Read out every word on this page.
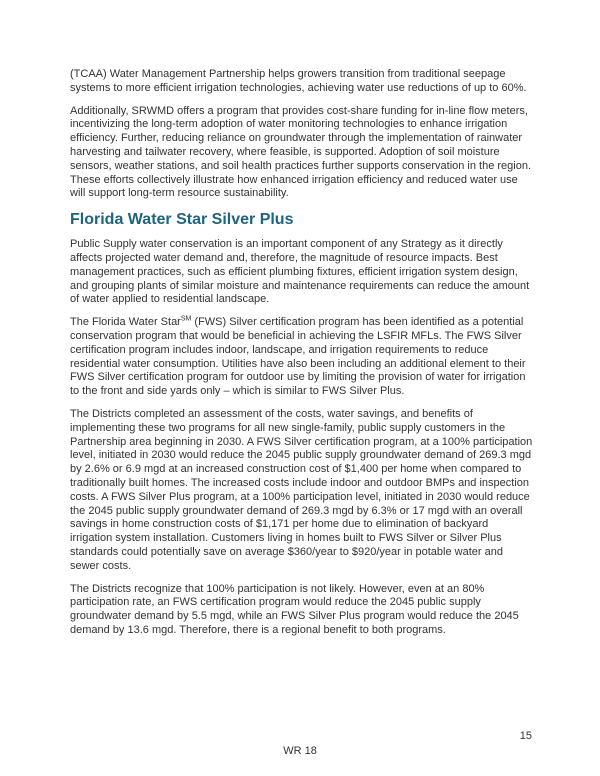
(TCAA) Water Management Partnership helps growers transition from traditional seepage systems to more efficient irrigation technologies, achieving water use reductions of up to 60%.

Additionally, SRWMD offers a program that provides cost-share funding for in-line flow meters, incentivizing the long-term adoption of water monitoring technologies to enhance irrigation efficiency. Further, reducing reliance on groundwater through the implementation of rainwater harvesting and tailwater recovery, where feasible, is supported. Adoption of soil moisture sensors, weather stations, and soil health practices further supports conservation in the region. These efforts collectively illustrate how enhanced irrigation efficiency and reduced water use will support long-term resource sustainability.

Florida Water Star Silver Plus

Public Supply water conservation is an important component of any Strategy as it directly affects projected water demand and, therefore, the magnitude of resource impacts. Best management practices, such as efficient plumbing fixtures, efficient irrigation system design, and grouping plants of similar moisture and maintenance requirements can reduce the amount of water applied to residential landscape.

The Florida Water Star℠ (FWS) Silver certification program has been identified as a potential conservation program that would be beneficial in achieving the LSFIR MFLs. The FWS Silver certification program includes indoor, landscape, and irrigation requirements to reduce residential water consumption. Utilities have also been including an additional element to their FWS Silver certification program for outdoor use by limiting the provision of water for irrigation to the front and side yards only – which is similar to FWS Silver Plus.

The Districts completed an assessment of the costs, water savings, and benefits of implementing these two programs for all new single-family, public supply customers in the Partnership area beginning in 2030. A FWS Silver certification program, at a 100% participation level, initiated in 2030 would reduce the 2045 public supply groundwater demand of 269.3 mgd by 2.6% or 6.9 mgd at an increased construction cost of $1,400 per home when compared to traditionally built homes. The increased costs include indoor and outdoor BMPs and inspection costs. A FWS Silver Plus program, at a 100% participation level, initiated in 2030 would reduce the 2045 public supply groundwater demand of 269.3 mgd by 6.3% or 17 mgd with an overall savings in home construction costs of $1,171 per home due to elimination of backyard irrigation system installation. Customers living in homes built to FWS Silver or Silver Plus standards could potentially save on average $360/year to $920/year in potable water and sewer costs.

The Districts recognize that 100% participation is not likely. However, even at an 80% participation rate, an FWS certification program would reduce the 2045 public supply groundwater demand by 5.5 mgd, while an FWS Silver Plus program would reduce the 2045 demand by 13.6 mgd. Therefore, there is a regional benefit to both programs.

15
WR 18
